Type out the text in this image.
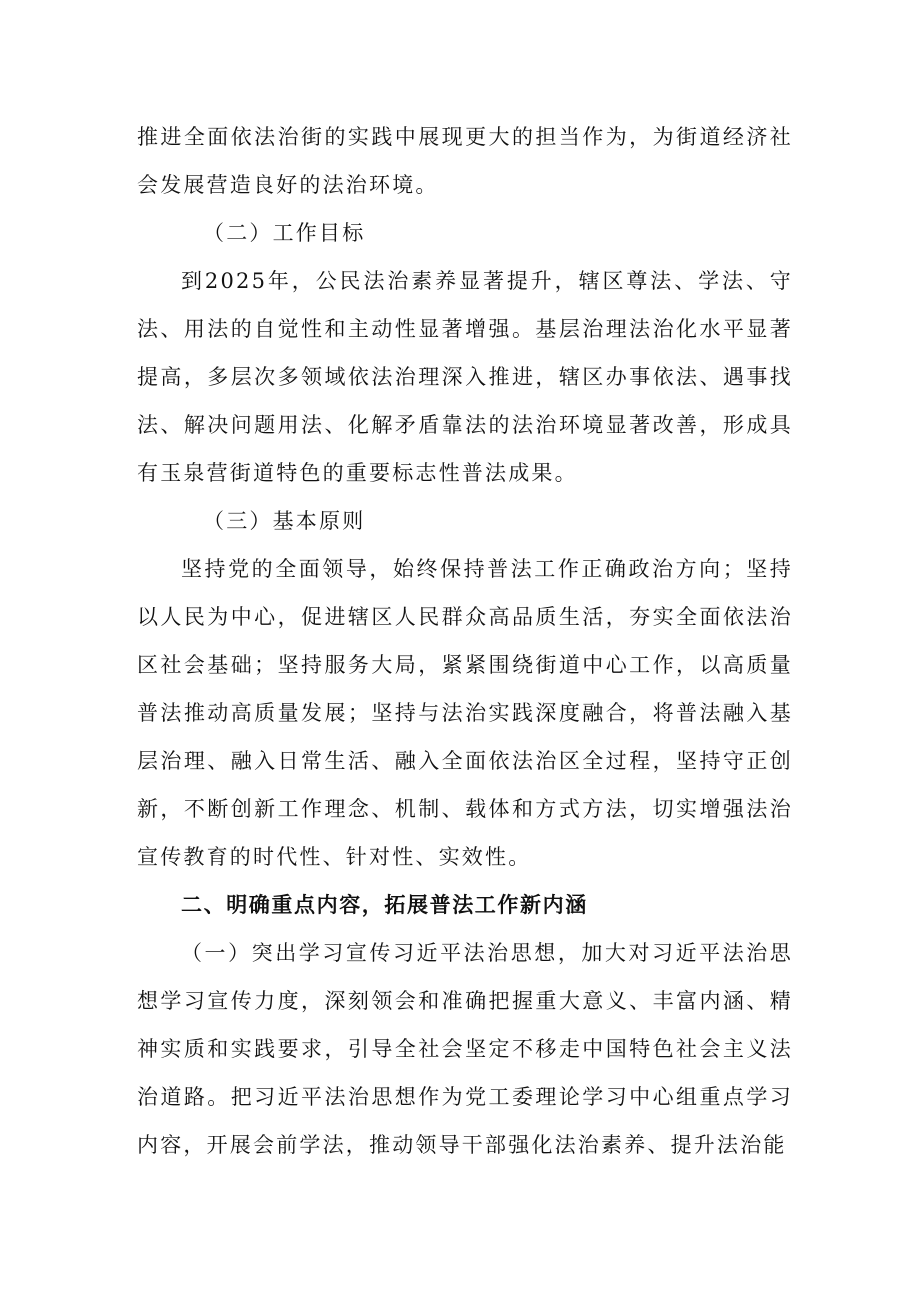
推进全面依法治街的实践中展现更大的担当作为，为街道经济社会发展营造良好的法治环境。

（二）工作目标

到2025年，公民法治素养显著提升，辖区尊法、学法、守法、用法的自觉性和主动性显著增强。基层治理法治化水平显著提高，多层次多领域依法治理深入推进，辖区办事依法、遇事找法、解决问题用法、化解矛盾靠法的法治环境显著改善，形成具有玉泉营街道特色的重要标志性普法成果。

（三）基本原则

坚持党的全面领导，始终保持普法工作正确政治方向；坚持以人民为中心，促进辖区人民群众高品质生活，夯实全面依法治区社会基础；坚持服务大局，紧紧围绕街道中心工作，以高质量普法推动高质量发展；坚持与法治实践深度融合，将普法融入基层治理、融入日常生活、融入全面依法治区全过程，坚持守正创新，不断创新工作理念、机制、载体和方式方法，切实增强法治宣传教育的时代性、针对性、实效性。

二、明确重点内容，拓展普法工作新内涵

（一）突出学习宣传习近平法治思想，加大对习近平法治思想学习宣传力度，深刻领会和准确把握重大意义、丰富内涵、精神实质和实践要求，引导全社会坚定不移走中国特色社会主义法治道路。把习近平法治思想作为党工委理论学习中心组重点学习内容，开展会前学法，推动领导干部强化法治素养、提升法治能
